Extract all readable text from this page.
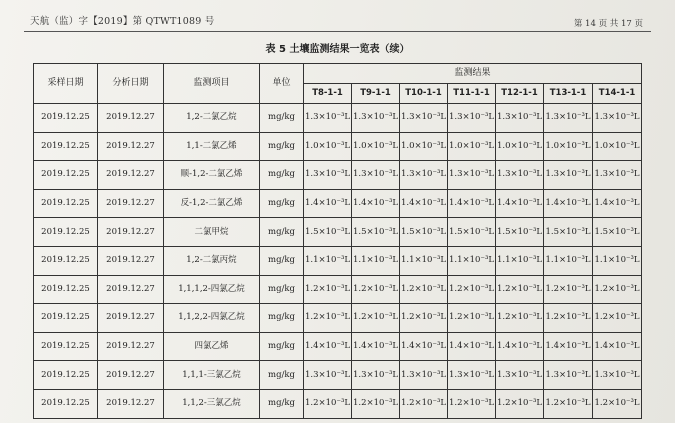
天航（监）字【2019】第 QTWT1089 号	第 14 页 共 17 页
表 5 土壤监测结果一览表（续）
采样日期	分析日期	监测项目	单位	监测结果						
				T8-1-1	T9-1-1	T10-1-1	T11-1-1	T12-1-1	T13-1-1	T14-1-1
2019.12.25	2019.12.27	1,2-二氯乙烷	mg/kg	1.3×10⁻³L	1.3×10⁻³L	1.3×10⁻³L	1.3×10⁻³L	1.3×10⁻³L	1.3×10⁻³L	1.3×10⁻³L
2019.12.25	2019.12.27	1,1-二氯乙烯	mg/kg	1.0×10⁻³L	1.0×10⁻³L	1.0×10⁻³L	1.0×10⁻³L	1.0×10⁻³L	1.0×10⁻³L	1.0×10⁻³L
2019.12.25	2019.12.27	顺-1,2-二氯乙烯	mg/kg	1.3×10⁻³L	1.3×10⁻³L	1.3×10⁻³L	1.3×10⁻³L	1.3×10⁻³L	1.3×10⁻³L	1.3×10⁻³L
2019.12.25	2019.12.27	反-1,2-二氯乙烯	mg/kg	1.4×10⁻³L	1.4×10⁻³L	1.4×10⁻³L	1.4×10⁻³L	1.4×10⁻³L	1.4×10⁻³L	1.4×10⁻³L
2019.12.25	2019.12.27	二氯甲烷	mg/kg	1.5×10⁻³L	1.5×10⁻³L	1.5×10⁻³L	1.5×10⁻³L	1.5×10⁻³L	1.5×10⁻³L	1.5×10⁻³L
2019.12.25	2019.12.27	1,2-二氯丙烷	mg/kg	1.1×10⁻³L	1.1×10⁻³L	1.1×10⁻³L	1.1×10⁻³L	1.1×10⁻³L	1.1×10⁻³L	1.1×10⁻³L
2019.12.25	2019.12.27	1,1,1,2-四氯乙烷	mg/kg	1.2×10⁻³L	1.2×10⁻³L	1.2×10⁻³L	1.2×10⁻³L	1.2×10⁻³L	1.2×10⁻³L	1.2×10⁻³L
2019.12.25	2019.12.27	1,1,2,2-四氯乙烷	mg/kg	1.2×10⁻³L	1.2×10⁻³L	1.2×10⁻³L	1.2×10⁻³L	1.2×10⁻³L	1.2×10⁻³L	1.2×10⁻³L
2019.12.25	2019.12.27	四氯乙烯	mg/kg	1.4×10⁻³L	1.4×10⁻³L	1.4×10⁻³L	1.4×10⁻³L	1.4×10⁻³L	1.4×10⁻³L	1.4×10⁻³L
2019.12.25	2019.12.27	1,1,1-三氯乙烷	mg/kg	1.3×10⁻³L	1.3×10⁻³L	1.3×10⁻³L	1.3×10⁻³L	1.3×10⁻³L	1.3×10⁻³L	1.3×10⁻³L
2019.12.25	2019.12.27	1,1,2-三氯乙烷	mg/kg	1.2×10⁻³L	1.2×10⁻³L	1.2×10⁻³L	1.2×10⁻³L	1.2×10⁻³L	1.2×10⁻³L	1.2×10⁻³L
